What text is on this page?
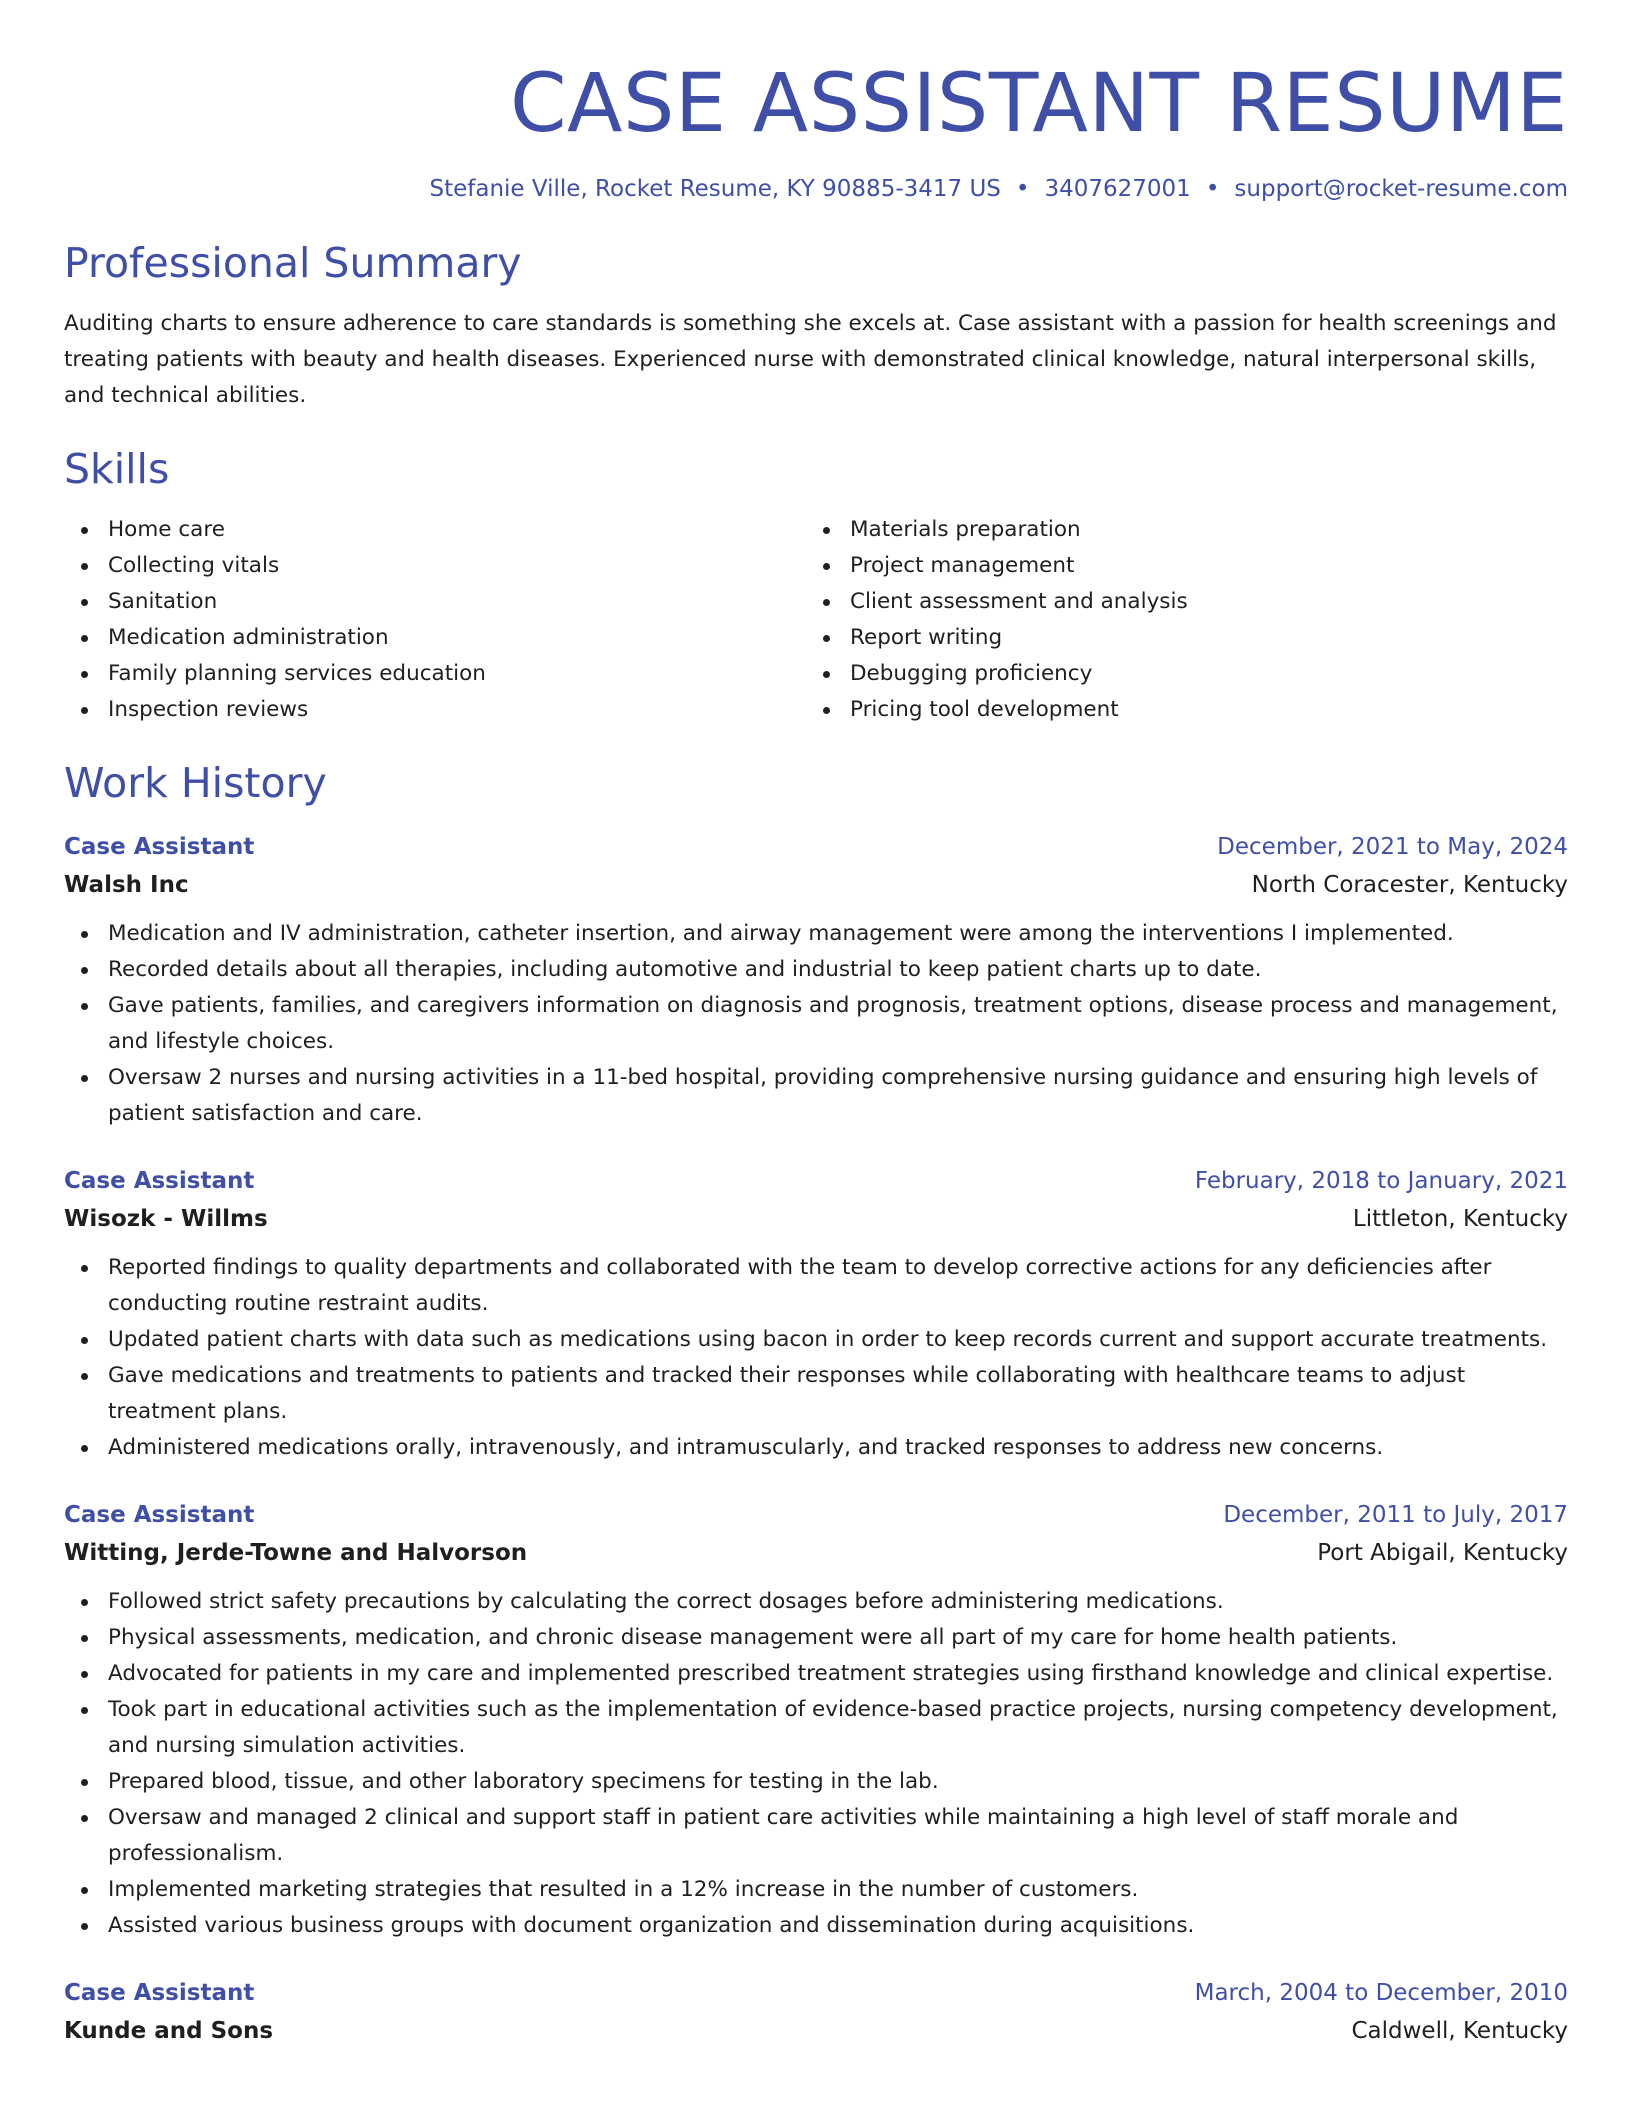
CASE ASSISTANT RESUME
Stefanie Ville, Rocket Resume, KY 90885-3417 US • 3407627001 • support@rocket-resume.com
Professional Summary
Auditing charts to ensure adherence to care standards is something she excels at. Case assistant with a passion for health screenings and treating patients with beauty and health diseases. Experienced nurse with demonstrated clinical knowledge, natural interpersonal skills, and technical abilities.
Skills
Home care
Collecting vitals
Sanitation
Medication administration
Family planning services education
Inspection reviews
Materials preparation
Project management
Client assessment and analysis
Report writing
Debugging proficiency
Pricing tool development
Work History
Case Assistant	December, 2021 to May, 2024
Walsh Inc	North Coracester, Kentucky
Medication and IV administration, catheter insertion, and airway management were among the interventions I implemented.
Recorded details about all therapies, including automotive and industrial to keep patient charts up to date.
Gave patients, families, and caregivers information on diagnosis and prognosis, treatment options, disease process and management, and lifestyle choices.
Oversaw 2 nurses and nursing activities in a 11-bed hospital, providing comprehensive nursing guidance and ensuring high levels of patient satisfaction and care.
Case Assistant	February, 2018 to January, 2021
Wisozk - Willms	Littleton, Kentucky
Reported findings to quality departments and collaborated with the team to develop corrective actions for any deficiencies after conducting routine restraint audits.
Updated patient charts with data such as medications using bacon in order to keep records current and support accurate treatments.
Gave medications and treatments to patients and tracked their responses while collaborating with healthcare teams to adjust treatment plans.
Administered medications orally, intravenously, and intramuscularly, and tracked responses to address new concerns.
Case Assistant	December, 2011 to July, 2017
Witting, Jerde-Towne and Halvorson	Port Abigail, Kentucky
Followed strict safety precautions by calculating the correct dosages before administering medications.
Physical assessments, medication, and chronic disease management were all part of my care for home health patients.
Advocated for patients in my care and implemented prescribed treatment strategies using firsthand knowledge and clinical expertise.
Took part in educational activities such as the implementation of evidence-based practice projects, nursing competency development, and nursing simulation activities.
Prepared blood, tissue, and other laboratory specimens for testing in the lab.
Oversaw and managed 2 clinical and support staff in patient care activities while maintaining a high level of staff morale and professionalism.
Implemented marketing strategies that resulted in a 12% increase in the number of customers.
Assisted various business groups with document organization and dissemination during acquisitions.
Case Assistant	March, 2004 to December, 2010
Kunde and Sons	Caldwell, Kentucky
